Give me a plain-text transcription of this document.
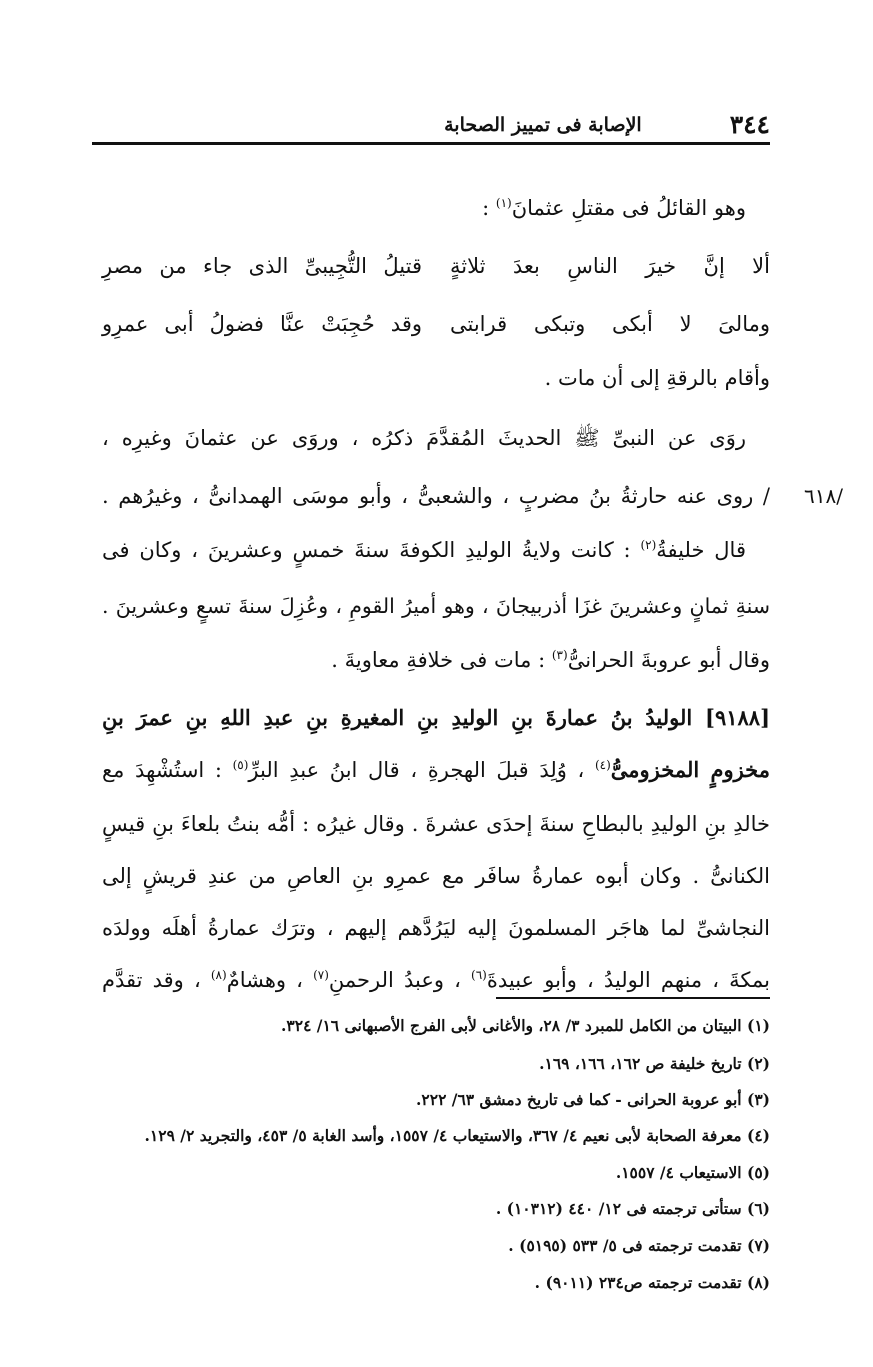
٣٤٤
الإصابة فى تمييز الصحابة
٦١٨/
وهو القائلُ فى مقتلِ عثمانَ$^{(١)}$ :
ألا إنَّ خيرَ الناسِ بعدَ ثلاثةٍ
قتيلُ التُّجِيبىِّ الذى جاء من مصرِ
ومالىَ لا أبكى وتبكى قرابتى
وقد حُجِبَتْ عنَّا فضولُ أبى عمرِو
وأقام بالرقةِ إلى أن مات .
روَى عن النبىِّ ﷺ الحديثَ المُقدَّمَ ذكرُه ، وروَى عن عثمانَ وغيرِه ،
/ روى عنه حارثةُ بنُ مضربٍ ، والشعبىُّ ، وأبو موسَى الهمدانىُّ ، وغيرُهم .
قال خليفةُ$^{(٢)}$ : كانت ولايةُ الوليدِ الكوفةَ سنةَ خمسٍ وعشرينَ ، وكان فى
سنةِ ثمانٍ وعشرينَ غزَا أذربيجانَ ، وهو أميرُ القومِ ، وعُزِلَ سنةَ تسعٍ وعشرينَ .
وقال أبو عروبةَ الحرانىُّ$^{(٣)}$ : مات فى خلافةِ معاويةَ .
[٩١٨٨] الوليدُ بنُ عمارةَ بنِ الوليدِ بنِ المغيرةِ بنِ عبدِ اللهِ بنِ عمرَ بنِ
مخزومٍ المخزومىُّ$^{(٤)}$ ، وُلِدَ قبلَ الهجرةِ ، قال ابنُ عبدِ البرِّ$^{(٥)}$ : استُشْهِدَ مع
خالدِ بنِ الوليدِ بالبطاحِ سنةَ إحدَى عشرةَ . وقال غيرُه : أمُّه بنتُ بلعاءَ بنِ قيسٍ
الكنانىُّ . وكان أبوه عمارةُ سافَر مع عمرِو بنِ العاصِ من عندِ قريشٍ إلى
النجاشىِّ لما هاجَر المسلمونَ إليه ليَرُدَّهم إليهم ، وترَك عمارةُ أهلَه وولدَه
بمكةَ ، منهم الوليدُ ، وأبو عبيدةَ$^{(٦)}$ ، وعبدُ الرحمنِ$^{(٧)}$ ، وهشامٌ$^{(٨)}$ ، وقد تقدَّم
(١) البيتان من الكامل للمبرد ٣/ ٢٨، والأغانى لأبى الفرج الأصبهانى ١٦/ ٣٢٤.
(٢) تاريخ خليفة ص ١٦٢، ١٦٦، ١٦٩.
(٣) أبو عروبة الحرانى - كما فى تاريخ دمشق ٦٣/ ٢٢٢.
(٤) معرفة الصحابة لأبى نعيم ٤/ ٣٦٧، والاستيعاب ٤/ ١٥٥٧، وأسد الغابة ٥/ ٤٥٣، والتجريد ٢/ ١٢٩.
(٥) الاستيعاب ٤/ ١٥٥٧.
(٦) ستأتى ترجمته فى ١٢/ ٤٤٠ (١٠٣١٢) .
(٧) تقدمت ترجمته فى ٥/ ٥٣٣ (٥١٩٥) .
(٨) تقدمت ترجمته ص٢٣٤ (٩٠١١) .
